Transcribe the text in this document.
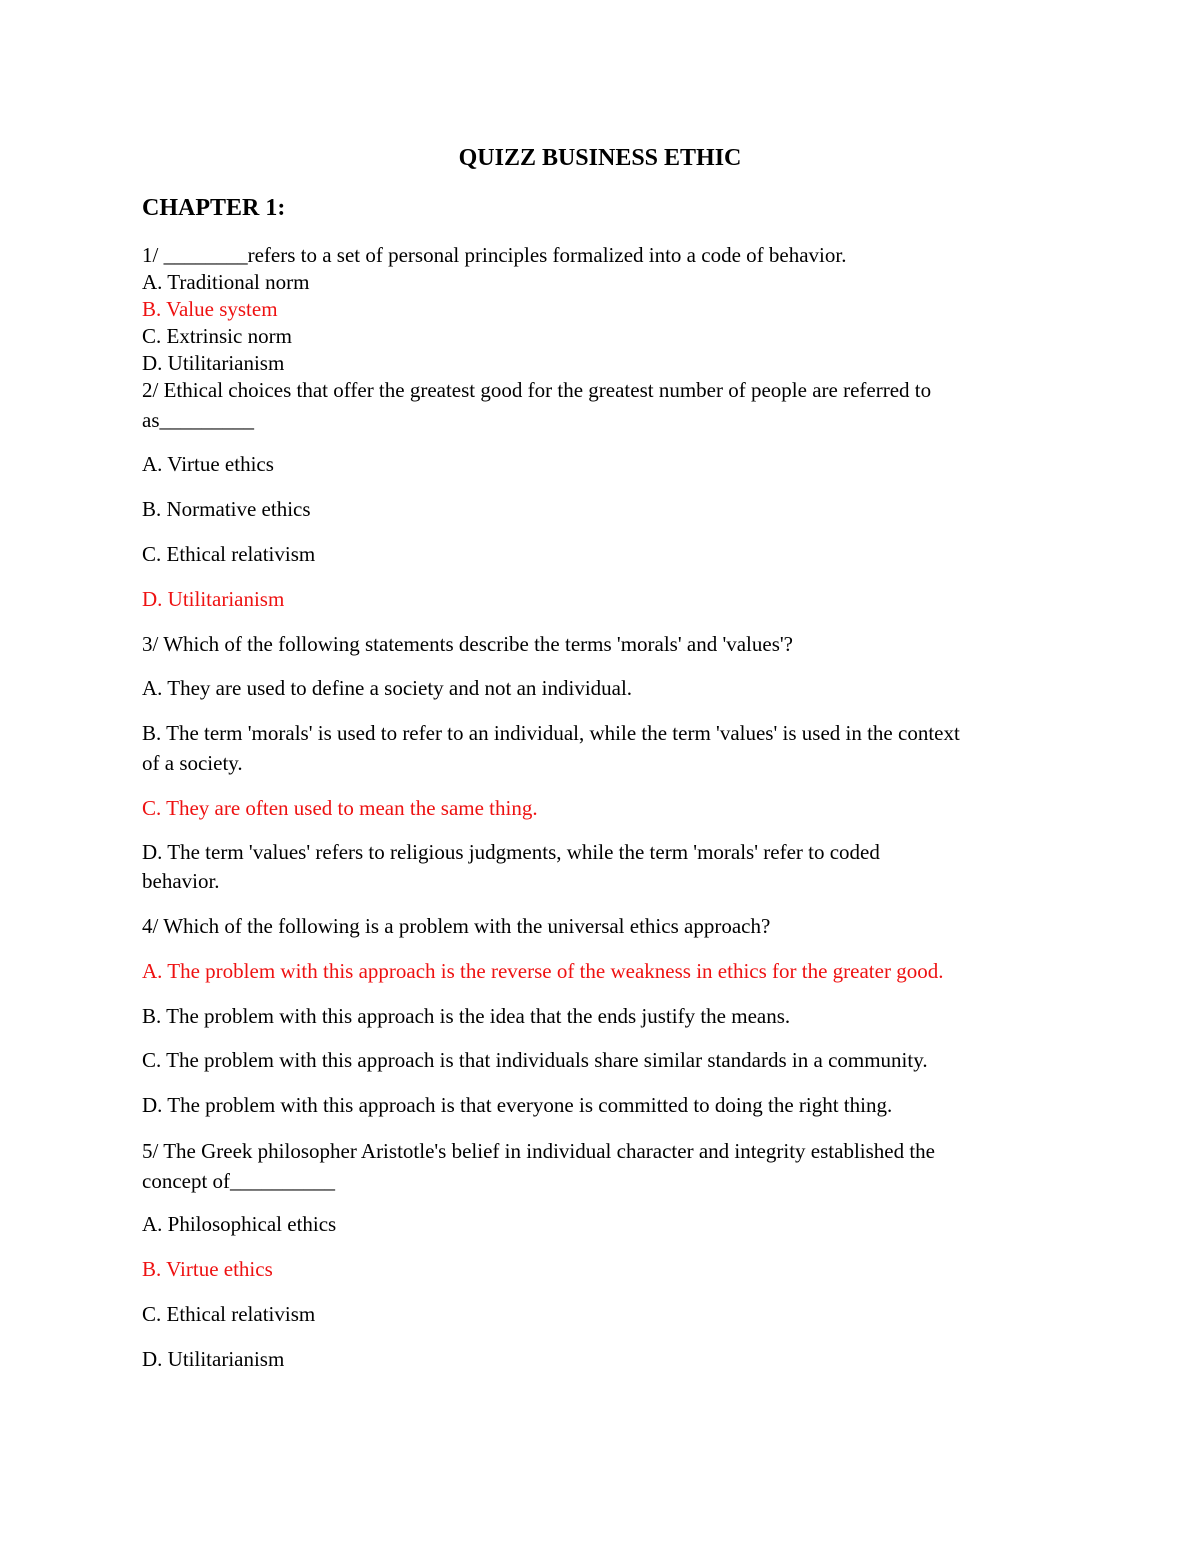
QUIZZ BUSINESS ETHIC
CHAPTER 1:
1/ ________refers to a set of personal principles formalized into a code of behavior.
A. Traditional norm
B. Value system
C. Extrinsic norm
D. Utilitarianism
2/ Ethical choices that offer the greatest good for the greatest number of people are referred to
as_________
A. Virtue ethics
B. Normative ethics
C. Ethical relativism
D. Utilitarianism
3/ Which of the following statements describe the terms 'morals' and 'values'?
A. They are used to define a society and not an individual.
B. The term 'morals' is used to refer to an individual, while the term 'values' is used in the context
of a society.
C. They are often used to mean the same thing.
D. The term 'values' refers to religious judgments, while the term 'morals' refer to coded
behavior.
4/ Which of the following is a problem with the universal ethics approach?
A. The problem with this approach is the reverse of the weakness in ethics for the greater good.
B. The problem with this approach is the idea that the ends justify the means.
C. The problem with this approach is that individuals share similar standards in a community.
D. The problem with this approach is that everyone is committed to doing the right thing.
5/ The Greek philosopher Aristotle's belief in individual character and integrity established the
concept of__________
A. Philosophical ethics
B. Virtue ethics
C. Ethical relativism
D. Utilitarianism
